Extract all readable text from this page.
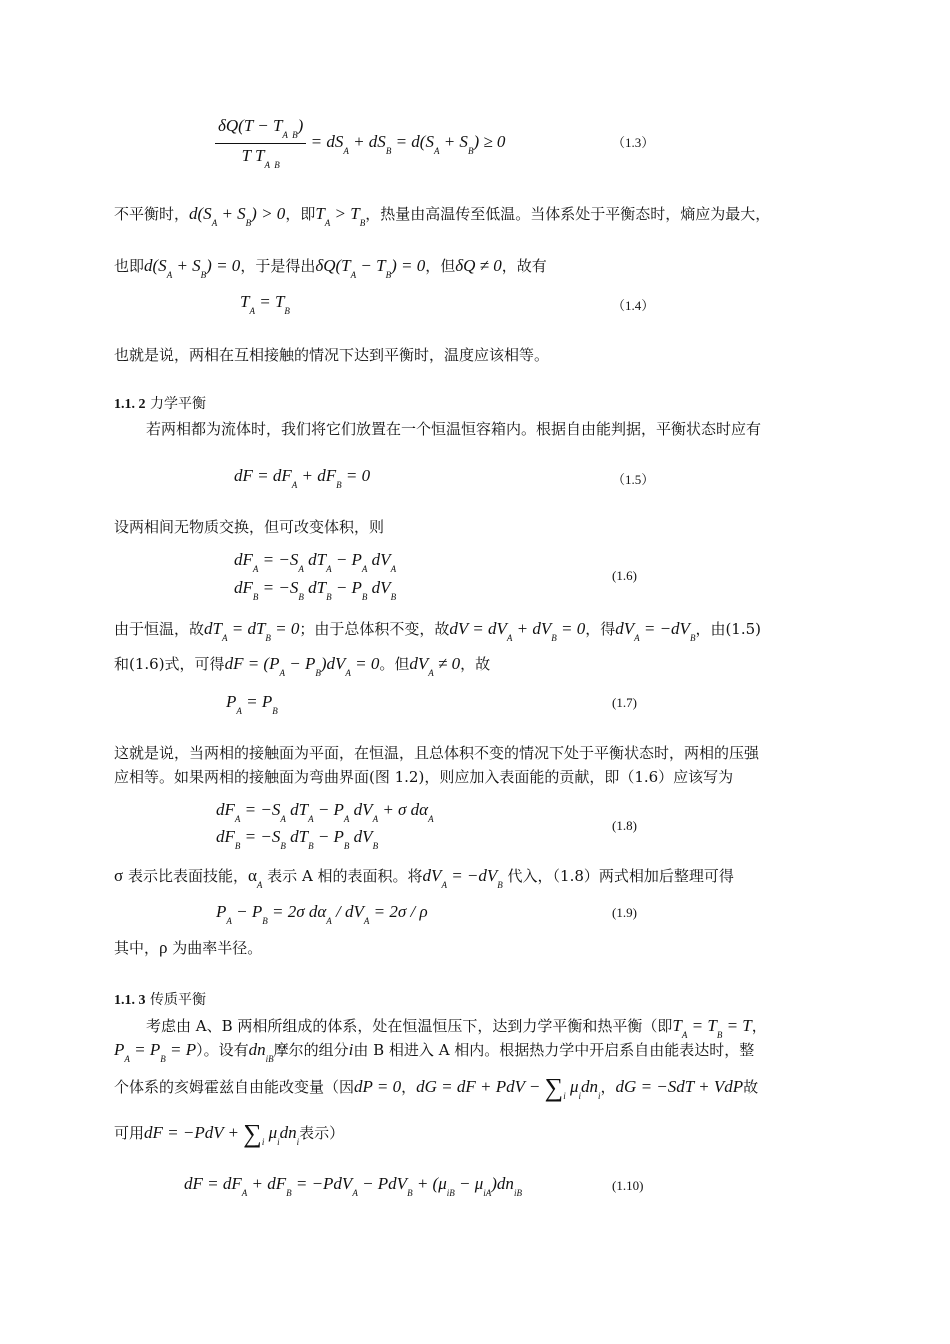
$\frac{\delta Q(T - T_A _B)}{T T_A _B} = dS_A + dS_B = d(S_A + S_B) \ge 0$	（1.3）
不平衡时，$d(S_A + S_B) > 0$，即$T_A > T_B$，热量由高温传至低温。当体系处于平衡态时，熵应为最大，
也即$d(S_A + S_B) = 0$，于是得出$\delta Q(T_A - T_B) = 0$，但δQ ≠ 0，故有
$T_A = T_B$	（1.4）
也就是说，两相在互相接触的情况下达到平衡时，温度应该相等。
1.1. 2 力学平衡
若两相都为流体时，我们将它们放置在一个恒温恒容箱内。根据自由能判据，平衡状态时应有
dF = $dF_A + dF_B = 0$	（1.5）
设两相间无物质交换，但可改变体积，则
$dF_A = -S_A$ $dT_A - P_A$ $dV_A$
$dF_B = -S_B$ $dT_B - P_B$ $dV_B$
(1.6)
由于恒温，故$dT_A = dT_B = 0$；由于总体积不变，故dV = $dV_A + dV_B = 0$，得$dV_A = -dV_B$，由(1.5)
和(1.6)式，可得dF = $(P_A - P_B)dV_A = 0$。但$dV_A \ne 0$，故
$P_A = P_B$
(1.7)
这就是说，当两相的接触面为平面，在恒温，且总体积不变的情况下处于平衡状态时，两相的压强
应相等。如果两相的接触面为弯曲界面(图 1.2)，则应加入表面能的贡献，即（1.6）应该写为
$dF_A = -S_A$ $dT_A - P_A$ $dV_A + \sigma$ $d\alpha_A$
$dF_B = -S_B$ $dT_B - P_B$ $dV_B$
(1.8)
σ 表示比表面技能，$\alpha_A$ 表示 A 相的表面积。将$dV_A = -dV_B$ 代入，（1.8）两式相加后整理可得
$P_A - P_B = 2\sigma$ $d\alpha_A / dV_A = 2\sigma / \rho$	(1.9)
其中，ρ 为曲率半径。
1.1. 3 传质平衡
考虑由 A、B 两相所组成的体系，处在恒温恒压下，达到力学平衡和热平衡（即$T_A = T_B = T$，
$P_A = P_B = P$）。设有$dn_{iB}$摩尔的组分i由 B 相进入 A 相内。根据热力学中开启系自由能表达时，整
个体系的亥姆霍兹自由能改变量（因dP = 0，dG = dF + PdV − $\sum_i$ $\mu_idn_i$，dG = −SdT + VdP故
可用dF = $-PdV + \sum_i$ $\mu_idn_i$表示）
dF = $dF_A + dF_B = -PdV_A - PdV_B + (\mu_{iB} - \mu_{iA})dn_{iB}$	(1.10)
